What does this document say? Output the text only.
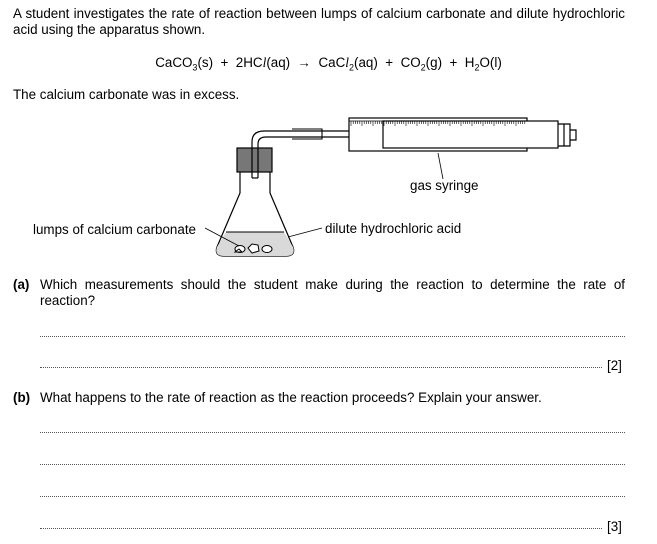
A student investigates the rate of reaction between lumps of calcium carbonate and dilute hydrochloric acid using the apparatus shown.
CaCO$_3$(s) + 2HCl(aq) → CaCl$_2$(aq) + $CO_2(g) + H_2O(l)$
The calcium carbonate was in excess.
gas syringe
lumps of calcium carbonate	dilute hydrochloric acid
(a) Which measurements should the student make during the reaction to determine the rate of reaction?
[2]
(b) What happens to the rate of reaction as the reaction proceeds? Explain your answer.
[3]
